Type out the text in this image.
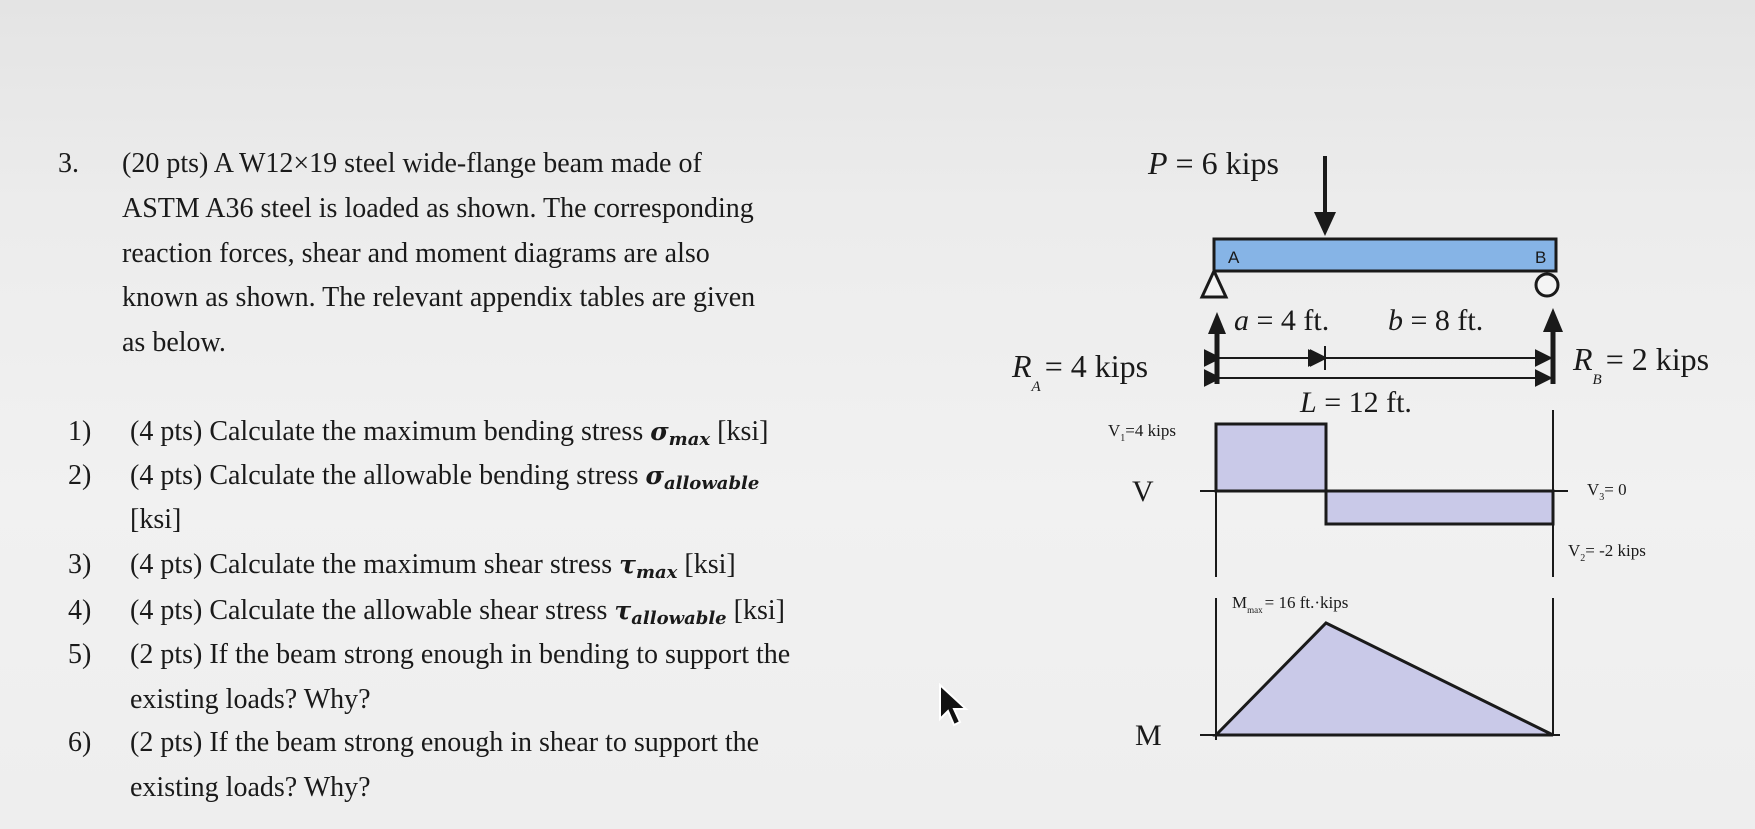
3. (20 pts) A W12×19 steel wide-flange beam made of
ASTM A36 steel is loaded as shown. The corresponding
reaction forces, shear and moment diagrams are also
known as shown. The relevant appendix tables are given
as below.
1) (4 pts) Calculate the maximum bending stress σmax [ksi]
2) (4 pts) Calculate the allowable bending stress σallowable
[ksi]
3) (4 pts) Calculate the maximum shear stress τmax [ksi]
4) (4 pts) Calculate the allowable shear stress τallowable [ksi]
5) (2 pts) If the beam strong enough in bending to support the
existing loads? Why?
6) (2 pts) If the beam strong enough in shear to support the
existing loads? Why?
P = 6 kips
A	B
a = 4 ft. b = 8 ft.
L = 12 ft.
$R_A= 4$ kips	$R_B= 2$ kips
V
$V_1=4$ kips
$V_3= 0$
$V_2= -2$ kips
M
$M_{max} = 16$ ft.·kips
